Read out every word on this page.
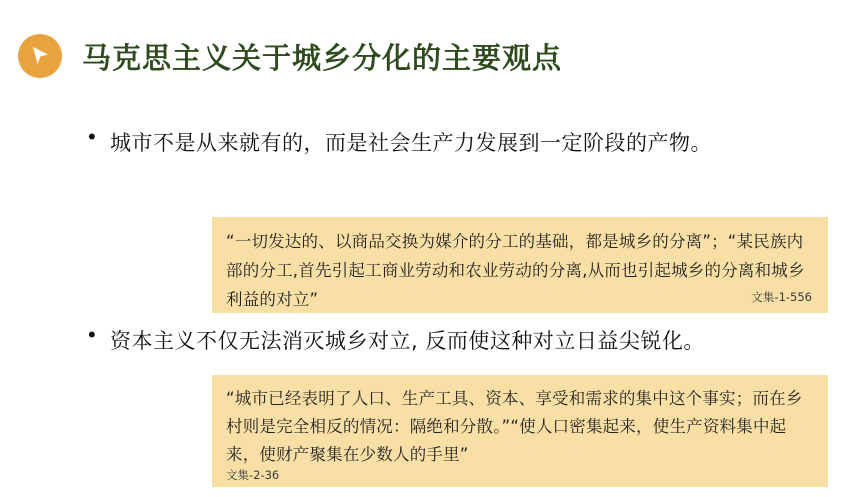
马克思主义关于城乡分化的主要观点
• 城市不是从来就有的，而是社会生产力发展到一定阶段的产物。
“一切发达的、以商品交换为媒介的分工的基础，都是城乡的分离”；“某民族内部的分工,首先引起工商业劳动和农业劳动的分离,从而也引起城乡的分离和城乡利益的对立”	文集-1-556
• 资本主义不仅无法消灭城乡对立, 反而使这种对立日益尖锐化。
“城市已经表明了人口、生产工具、资本、享受和需求的集中这个事实；而在乡村则是完全相反的情况：隔绝和分散。”“使人口密集起来，使生产资料集中起来，使财产聚集在少数人的手里”
文集-2-36
